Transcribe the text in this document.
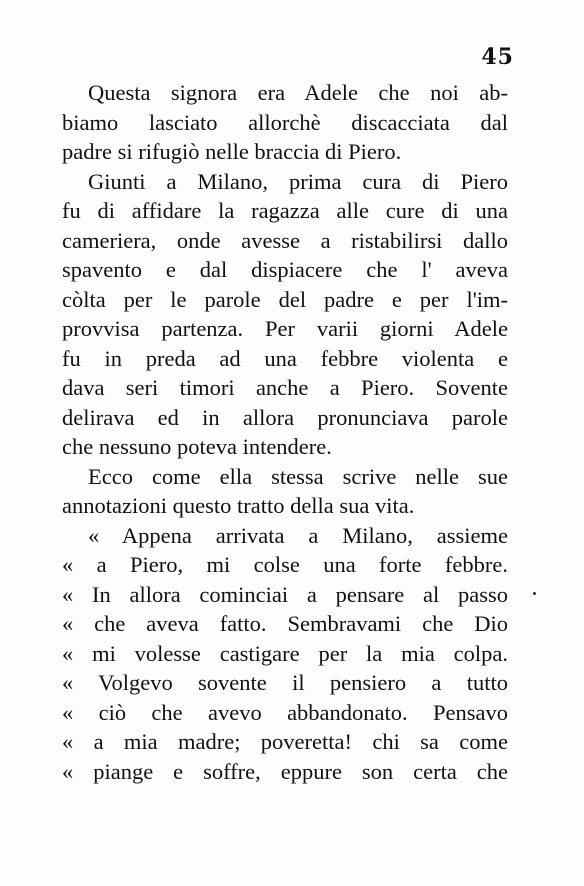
45
Questa signora era Adele che noi ab-
biamo lasciato allorchè discacciata dal
padre si rifugiò nelle braccia di Piero.
Giunti a Milano, prima cura di Piero
fu di affidare la ragazza alle cure di una
cameriera, onde avesse a ristabilirsi dallo
spavento e dal dispiacere che l' aveva
còlta per le parole del padre e per l'im-
provvisa partenza. Per varii giorni Adele
fu in preda ad una febbre violenta e
dava seri timori anche a Piero. Sovente
delirava ed in allora pronunciava parole
che nessuno poteva intendere.
Ecco come ella stessa scrive nelle sue
annotazioni questo tratto della sua vita.
« Appena arrivata a Milano, assieme
« a Piero, mi colse una forte febbre.
« In allora cominciai a pensare al passo
« che aveva fatto. Sembravami che Dio
« mi volesse castigare per la mia colpa.
« Volgevo sovente il pensiero a tutto
« ciò che avevo abbandonato. Pensavo
« a mia madre; poveretta! chi sa come
« piange e soffre, eppure son certa che
